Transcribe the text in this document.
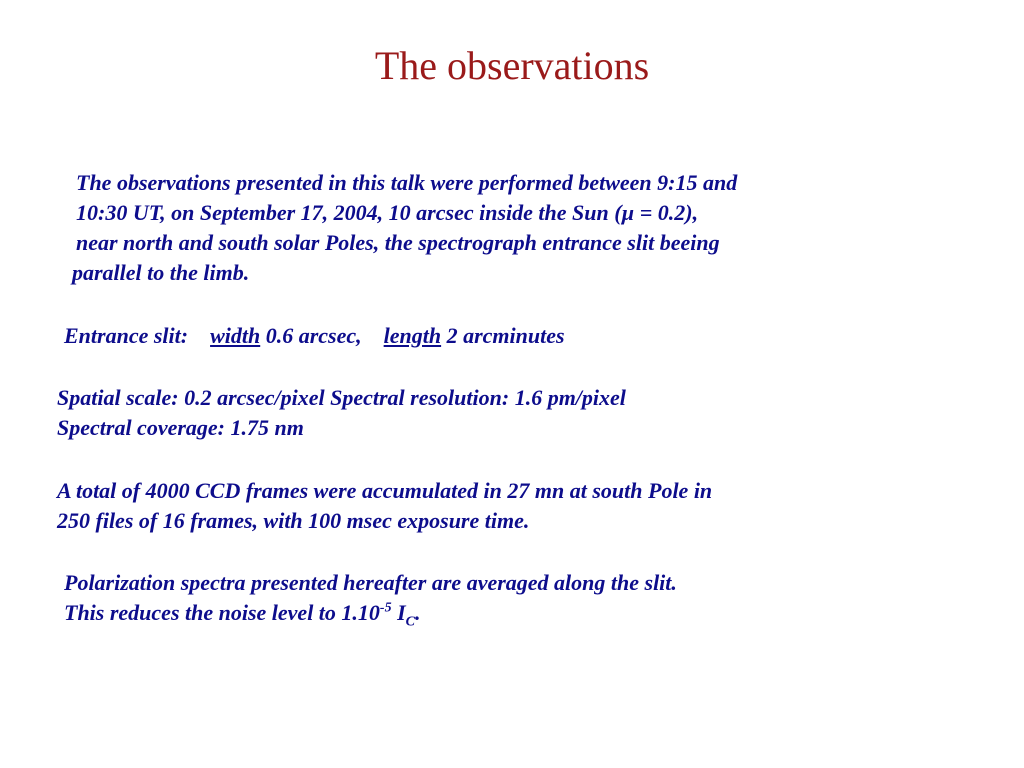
The observations
The observations presented in this talk were performed between 9:15 and
10:30 UT, on September 17, 2004, 10 arcsec inside the Sun (µ = 0.2),
near north and south solar Poles, the spectrograph entrance slit beeing
parallel to the limb.
Entrance slit: width 0.6 arcsec, length 2 arcminutes
Spatial scale: 0.2 arcsec/pixel Spectral resolution: 1.6 pm/pixel
Spectral coverage: 1.75 nm
A total of 4000 CCD frames were accumulated in 27 mn at south Pole in
250 files of 16 frames, with 100 msec exposure time.
Polarization spectra presented hereafter are averaged along the slit.
This reduces the noise level to $1.10^{-5}$ $I_C$.
